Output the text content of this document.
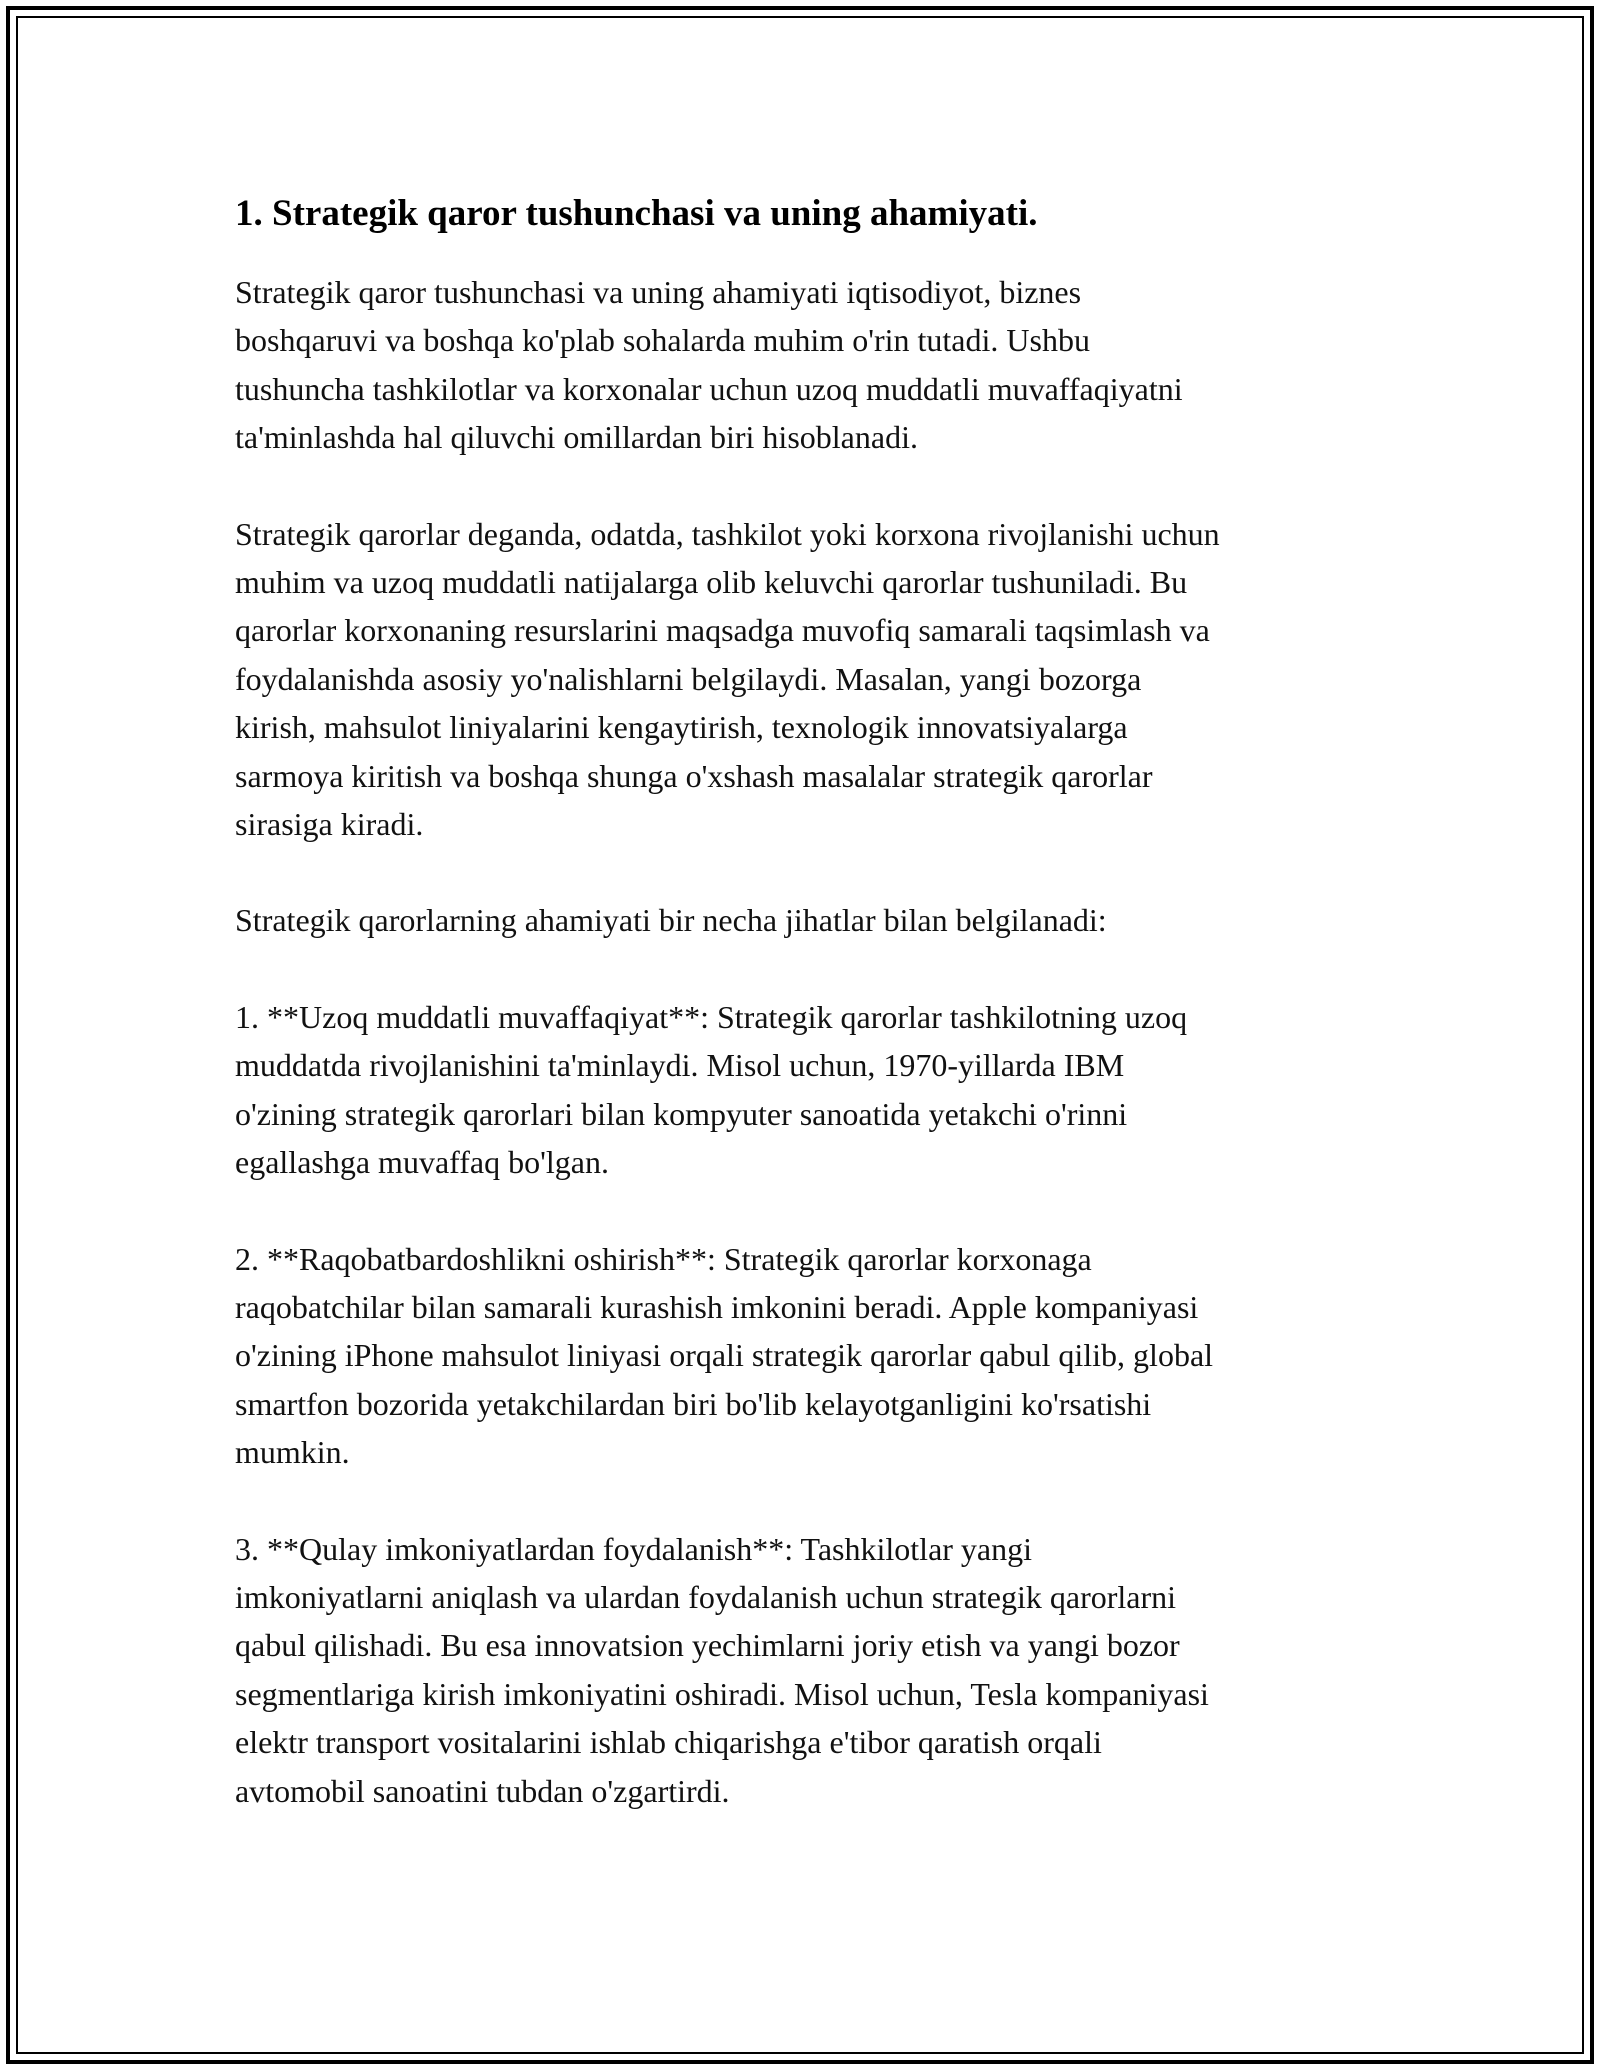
1. Strategik qaror tushunchasi va uning ahamiyati.

Strategik qaror tushunchasi va uning ahamiyati iqtisodiyot, biznes
boshqaruvi va boshqa ko'plab sohalarda muhim o'rin tutadi. Ushbu
tushuncha tashkilotlar va korxonalar uchun uzoq muddatli muvaffaqiyatni
ta'minlashda hal qiluvchi omillardan biri hisoblanadi.

Strategik qarorlar deganda, odatda, tashkilot yoki korxona rivojlanishi uchun
muhim va uzoq muddatli natijalarga olib keluvchi qarorlar tushuniladi. Bu
qarorlar korxonaning resurslarini maqsadga muvofiq samarali taqsimlash va
foydalanishda asosiy yo'nalishlarni belgilaydi. Masalan, yangi bozorga
kirish, mahsulot liniyalarini kengaytirish, texnologik innovatsiyalarga
sarmoya kiritish va boshqa shunga o'xshash masalalar strategik qarorlar
sirasiga kiradi.

Strategik qarorlarning ahamiyati bir necha jihatlar bilan belgilanadi:

1. **Uzoq muddatli muvaffaqiyat**: Strategik qarorlar tashkilotning uzoq
muddatda rivojlanishini ta'minlaydi. Misol uchun, 1970-yillarda IBM
o'zining strategik qarorlari bilan kompyuter sanoatida yetakchi o'rinni
egallashga muvaffaq bo'lgan.

2. **Raqobatbardoshlikni oshirish**: Strategik qarorlar korxonaga
raqobatchilar bilan samarali kurashish imkonini beradi. Apple kompaniyasi
o'zining iPhone mahsulot liniyasi orqali strategik qarorlar qabul qilib, global
smartfon bozorida yetakchilardan biri bo'lib kelayotganligini ko'rsatishi
mumkin.

3. **Qulay imkoniyatlardan foydalanish**: Tashkilotlar yangi
imkoniyatlarni aniqlash va ulardan foydalanish uchun strategik qarorlarni
qabul qilishadi. Bu esa innovatsion yechimlarni joriy etish va yangi bozor
segmentlariga kirish imkoniyatini oshiradi. Misol uchun, Tesla kompaniyasi
elektr transport vositalarini ishlab chiqarishga e'tibor qaratish orqali
avtomobil sanoatini tubdan o'zgartirdi.
